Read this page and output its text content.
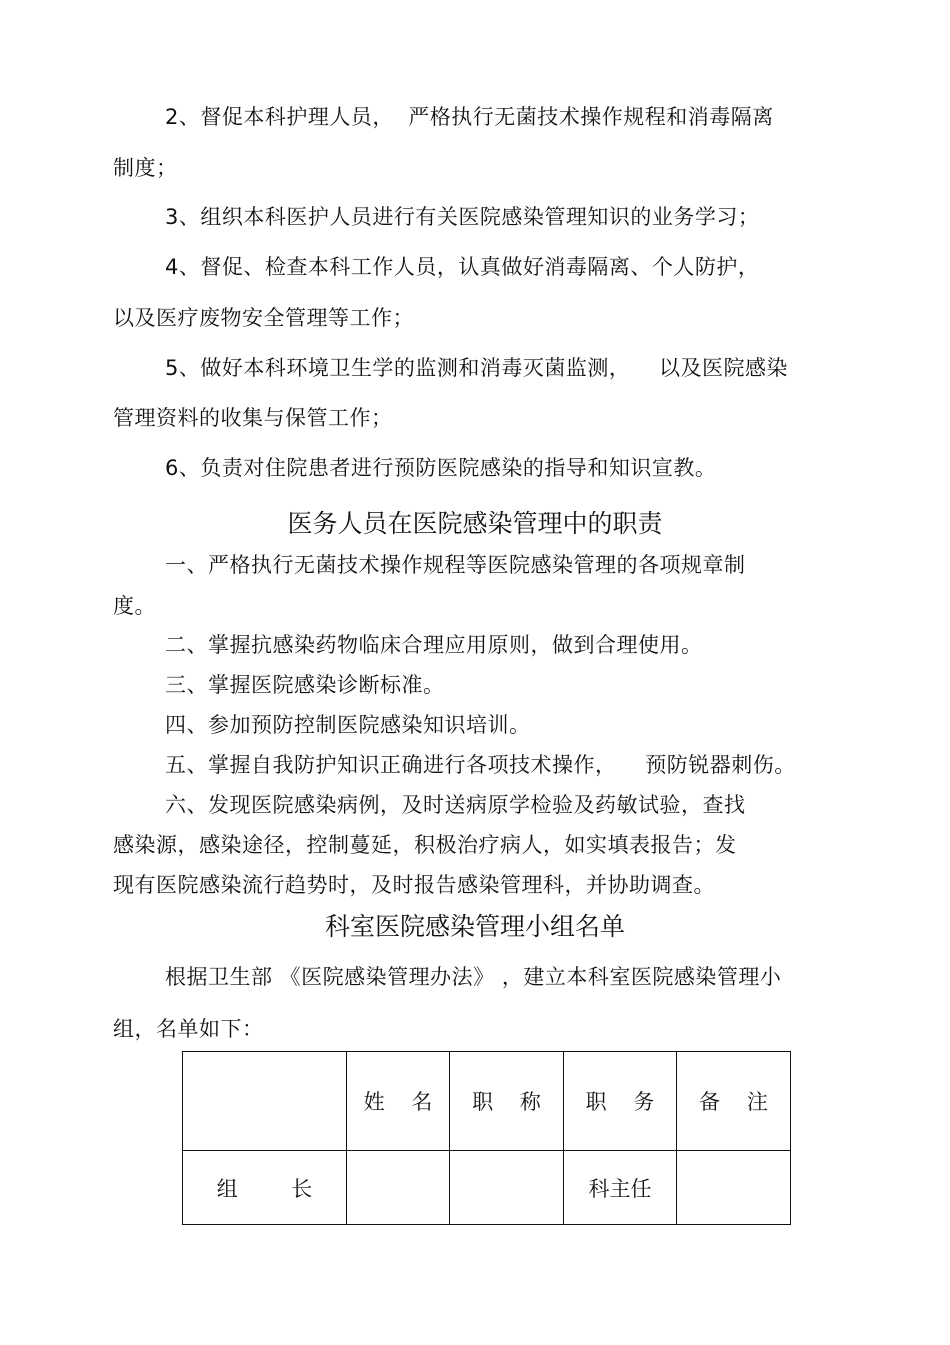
2、督促本科护理人员，  严格执行无菌技术操作规程和消毒隔离
制度；
3、组织本科医护人员进行有关医院感染管理知识的业务学习；
4、督促、检查本科工作人员，认真做好消毒隔离、个人防护，
以及医疗废物安全管理等工作；
5、做好本科环境卫生学的监测和消毒灭菌监测，    以及医院感染
管理资料的收集与保管工作；
6、负责对住院患者进行预防医院感染的指导和知识宣教。
医务人员在医院感染管理中的职责
一、严格执行无菌技术操作规程等医院感染管理的各项规章制
度。
二、掌握抗感染药物临床合理应用原则，做到合理使用。
三、掌握医院感染诊断标准。
四、参加预防控制医院感染知识培训。
五、掌握自我防护知识正确进行各项技术操作，    预防锐器刺伤。
六、发现医院感染病例，及时送病原学检验及药敏试验，查找
感染源，感染途径，控制蔓延，积极治疗病人，如实填表报告；发
现有医院感染流行趋势时，及时报告感染管理科，并协助调查。
科室医院感染管理小组名单
根据卫生部 《医院感染管理办法》 ，建立本科室医院感染管理小
组，名单如下：
	姓    名	职    称	职    务	备    注
组        长			科主任	
